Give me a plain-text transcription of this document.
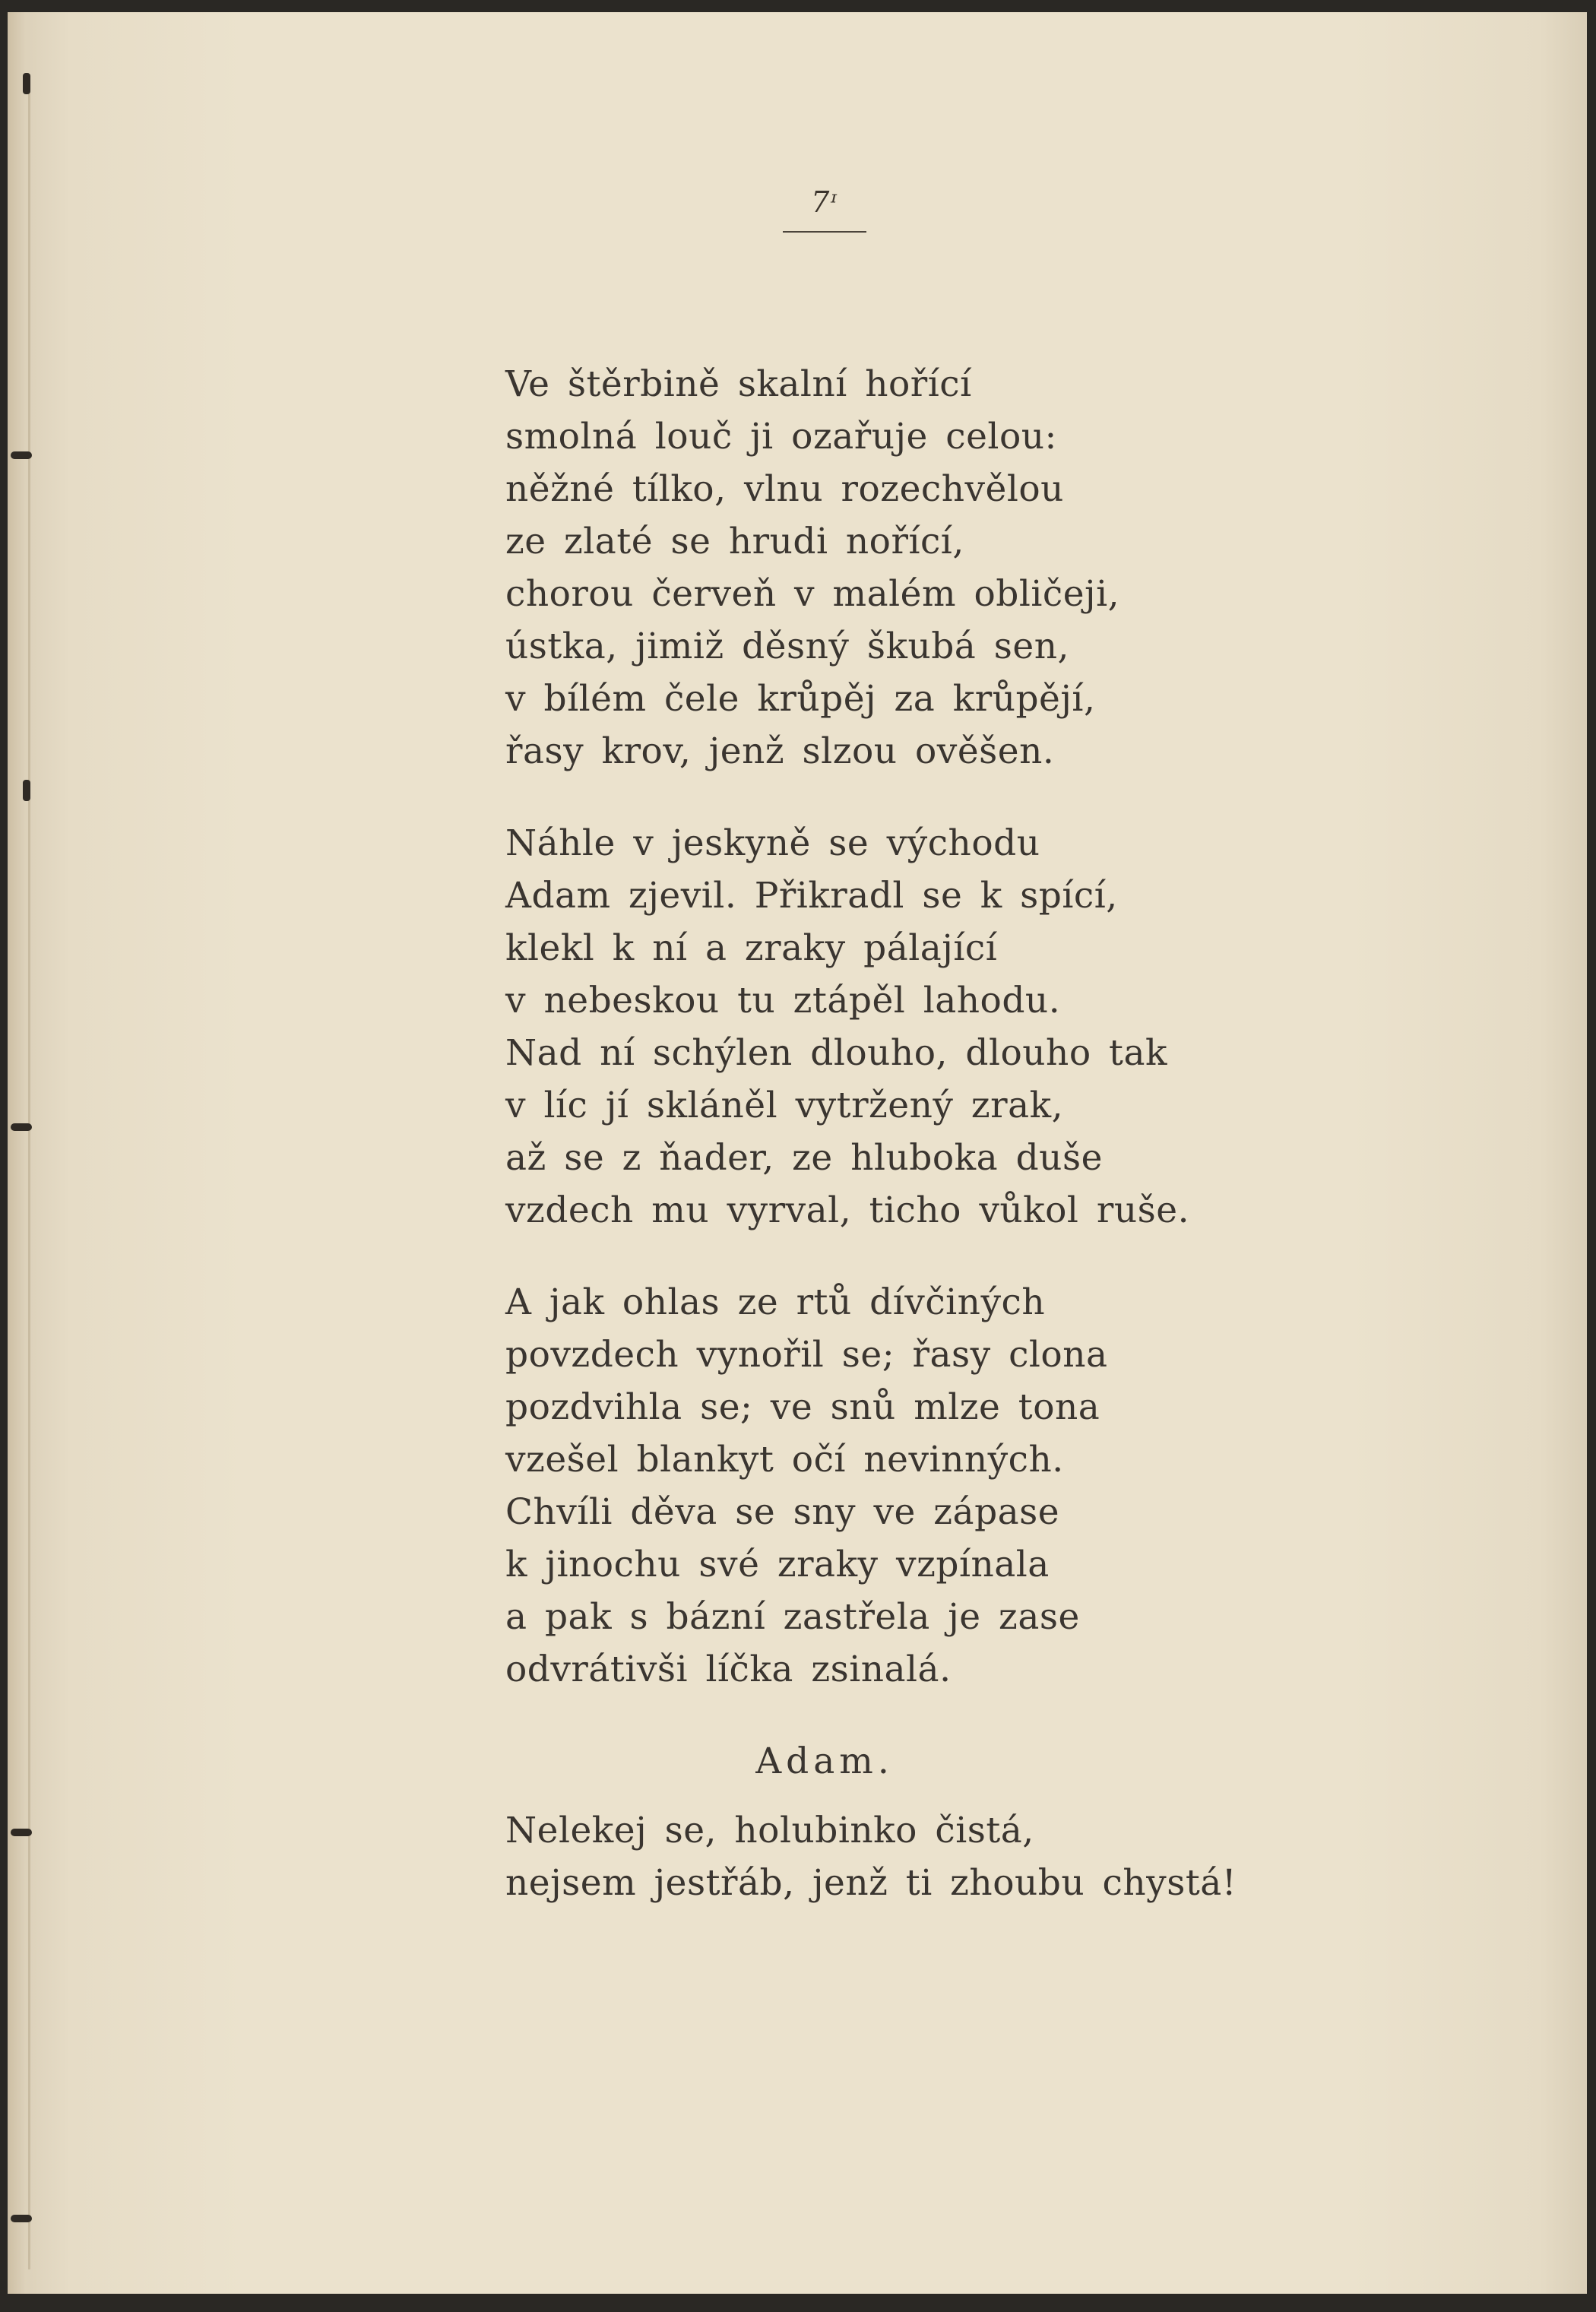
7ᶦ
Ve štěrbině skalní hořící
smolná louč ji ozařuje celou:
něžné tílko, vlnu rozechvělou
ze zlaté se hrudi nořící,
chorou červeň v malém obličeji,
ústka, jimiž děsný škubá sen,
v bílém čele krůpěj za krůpějí,
řasy krov, jenž slzou ověšen.
Náhle v jeskyně se východu
Adam zjevil. Přikradl se k spící,
klekl k ní a zraky pálající
v nebeskou tu ztápěl lahodu.
Nad ní schýlen dlouho, dlouho tak
v líc jí skláněl vytržený zrak,
až se z ňader, ze hluboka duše
vzdech mu vyrval, ticho vůkol ruše.
A jak ohlas ze rtů dívčiných
povzdech vynořil se; řasy clona
pozdvihla se; ve snů mlze tona
vzešel blankyt očí nevinných.
Chvíli děva se sny ve zápase
k jinochu své zraky vzpínala
a pak s bázní zastřela je zase
odvrátivši líčka zsinalá.
Adam.
Nelekej se, holubinko čistá,
nejsem jestřáb, jenž ti zhoubu chystá!
